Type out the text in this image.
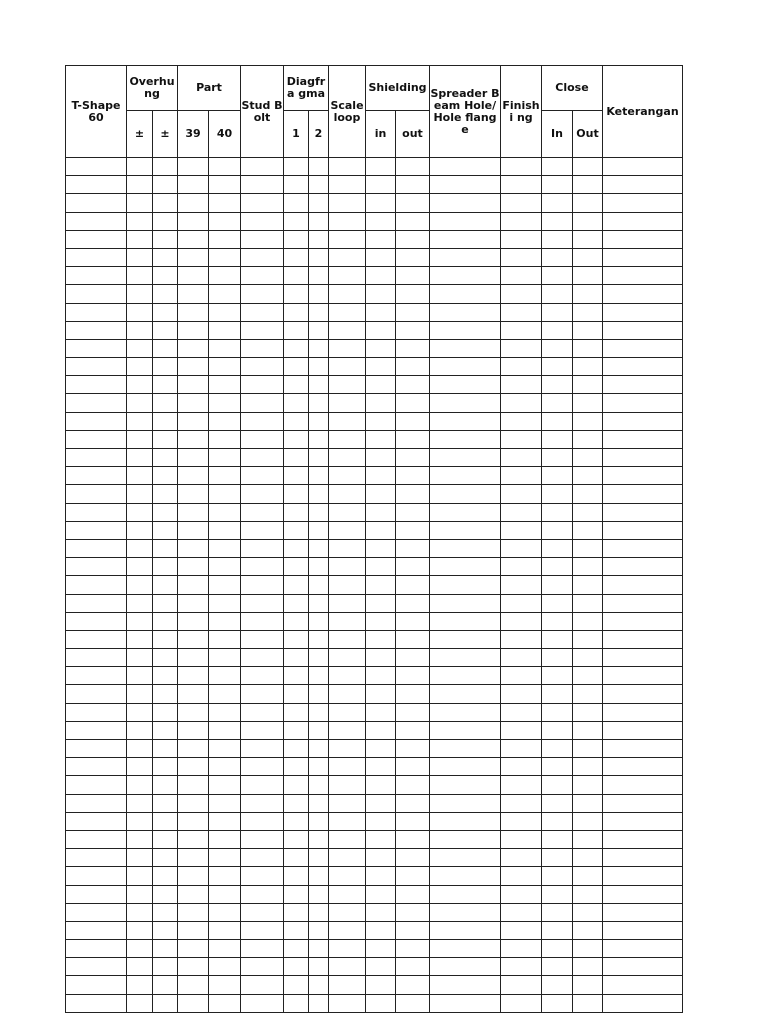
T-Shape 60	Overhu ng		Part		Stud Bolt	Diagfra gma		Scale loop	Shielding		Spreader Beam Hole/Hole flange	Finishi ng	Close		Keterangan
	±	±	39	40		1	2		in	out			In	Out	
